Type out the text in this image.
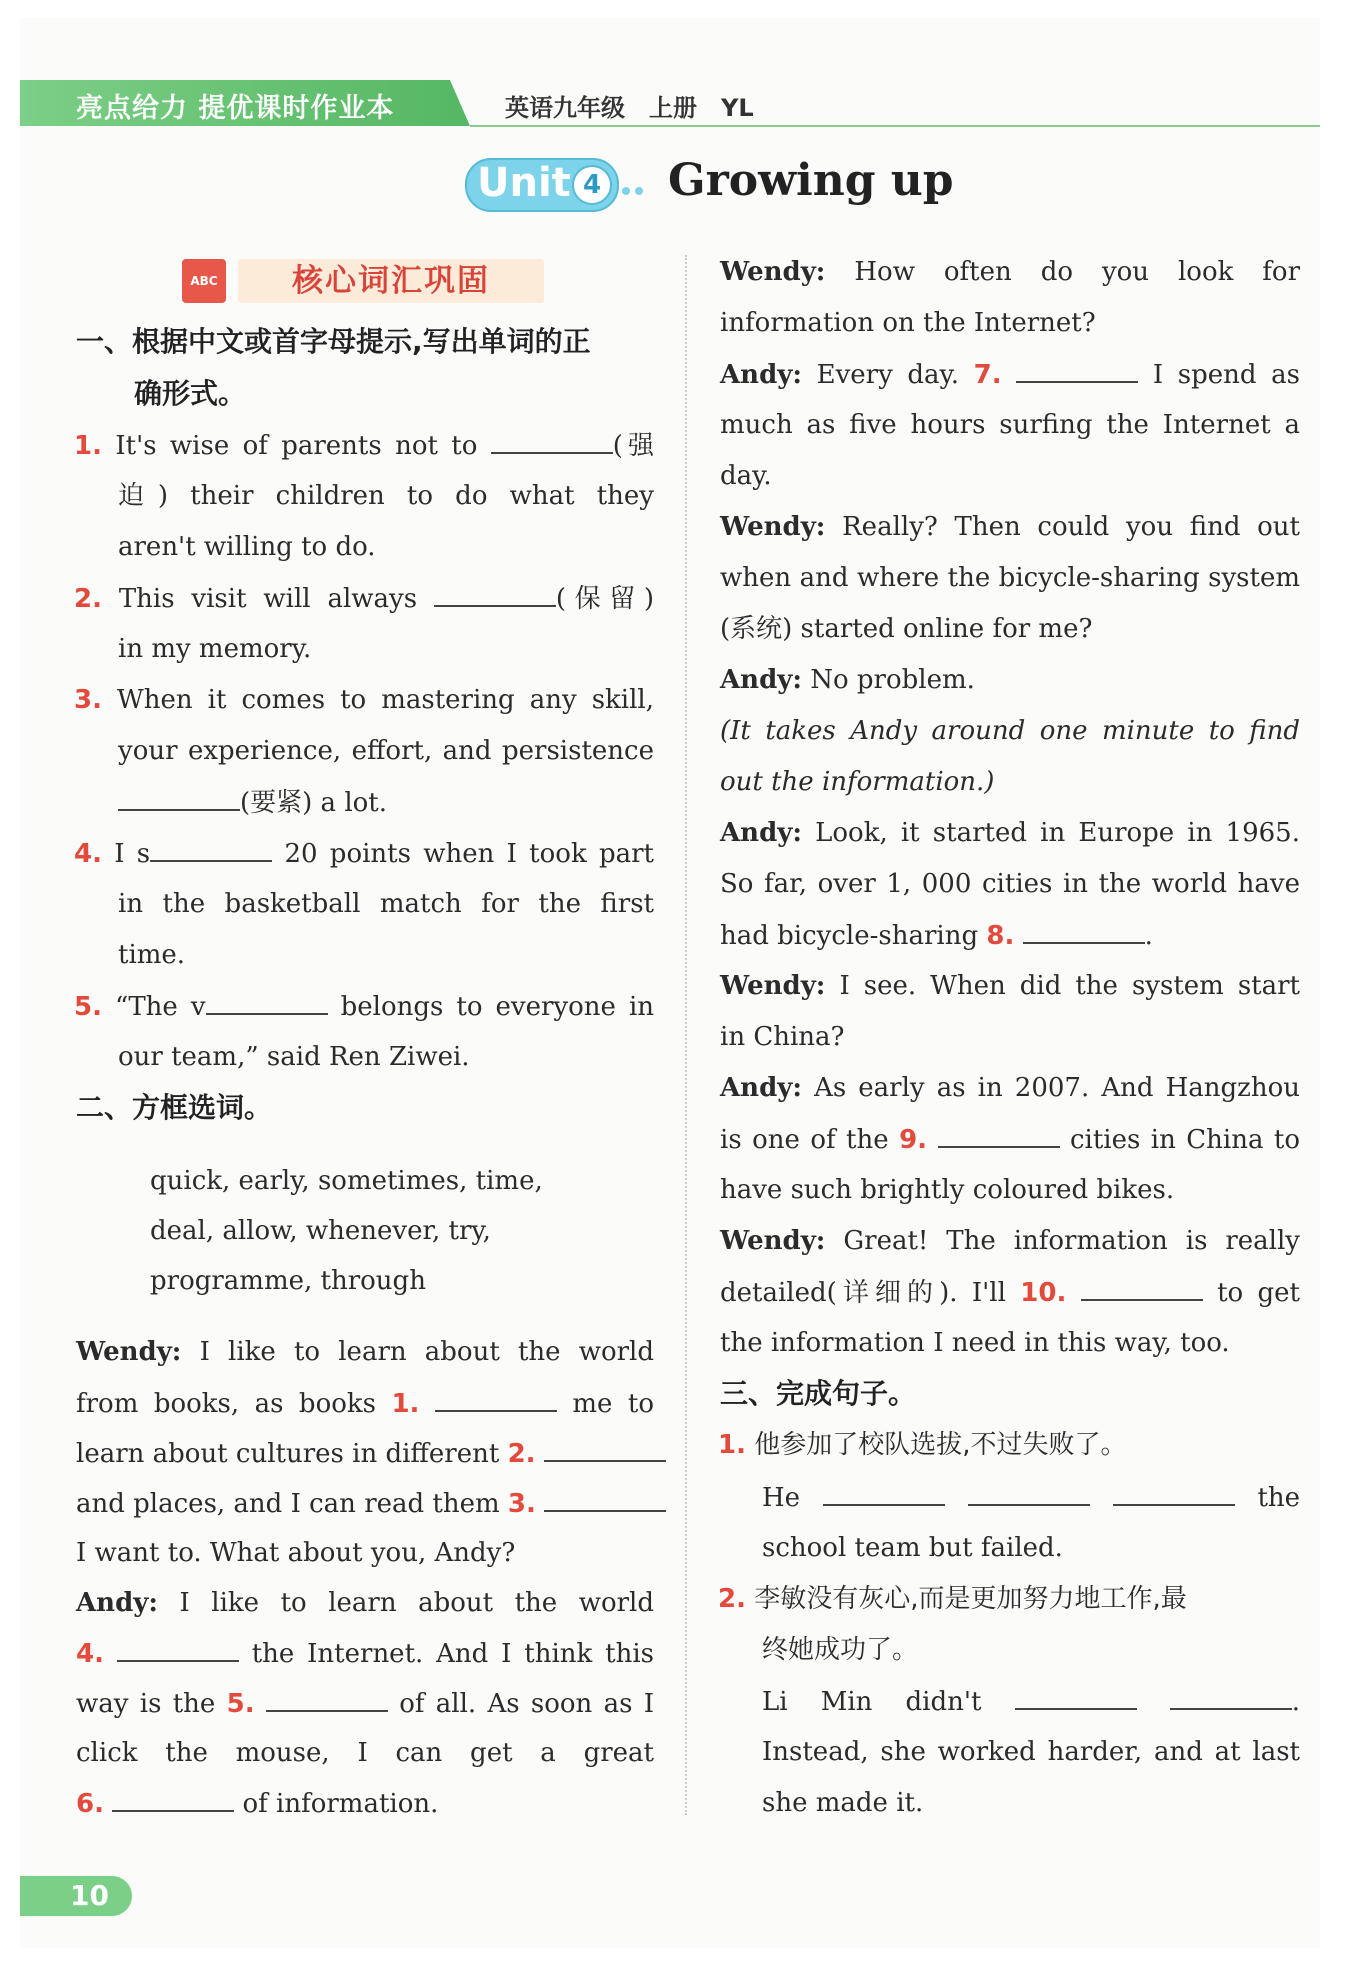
亮点给力 提优课时作业本	英语九年级　上册　YL
Unit 4 Growing up
ABC	核心词汇巩固
一、根据中文或首字母提示,写出单词的正
确形式。
1. It's wise of parents not to	(强
迫) their children to do what they
aren't willing to do.
2. This visit will always	(保留)
in my memory.
3. When it comes to mastering any skill,
your experience, effort, and persistence
(要紧) a lot.
4. I s	20 points when I took part
in the basketball match for the first
time.
5. “The v	belongs to everyone in
our team,” said Ren Ziwei.
二、方框选词。
quick, early, sometimes, time,
deal, allow, whenever, try,
programme, through
Wendy: I like to learn about the world
from books, as books 1.	me to
learn about cultures in different 2.
and places, and I can read them 3.
I want to. What about you, Andy?
Andy: I like to learn about the world
4.	the Internet. And I think this
way is the 5.	of all. As soon as I
click the mouse, I can get a great
6.	of information.
Wendy: How often do you look for
information on the Internet?
Andy: Every day. 7.	I spend as
much as five hours surfing the Internet a
day.
Wendy: Really? Then could you find out
when and where the bicycle-sharing system
(系统) started online for me?
Andy: No problem.
(It takes Andy around one minute to find
out the information.)
Andy: Look, it started in Europe in 1965.
So far, over 1, 000 cities in the world have
had bicycle-sharing 8.	.
Wendy: I see. When did the system start
in China?
Andy: As early as in 2007. And Hangzhou
is one of the 9.	cities in China to
have such brightly coloured bikes.
Wendy: Great! The information is really
detailed(详细的). I'll 10.	to get
the information I need in this way, too.
三、完成句子。
1. 他参加了校队选拔,不过失败了。
He	the
school team but failed.
2. 李敏没有灰心,而是更加努力地工作,最
终她成功了。
Li Min didn't	.
Instead, she worked harder, and at last
she made it.
10
